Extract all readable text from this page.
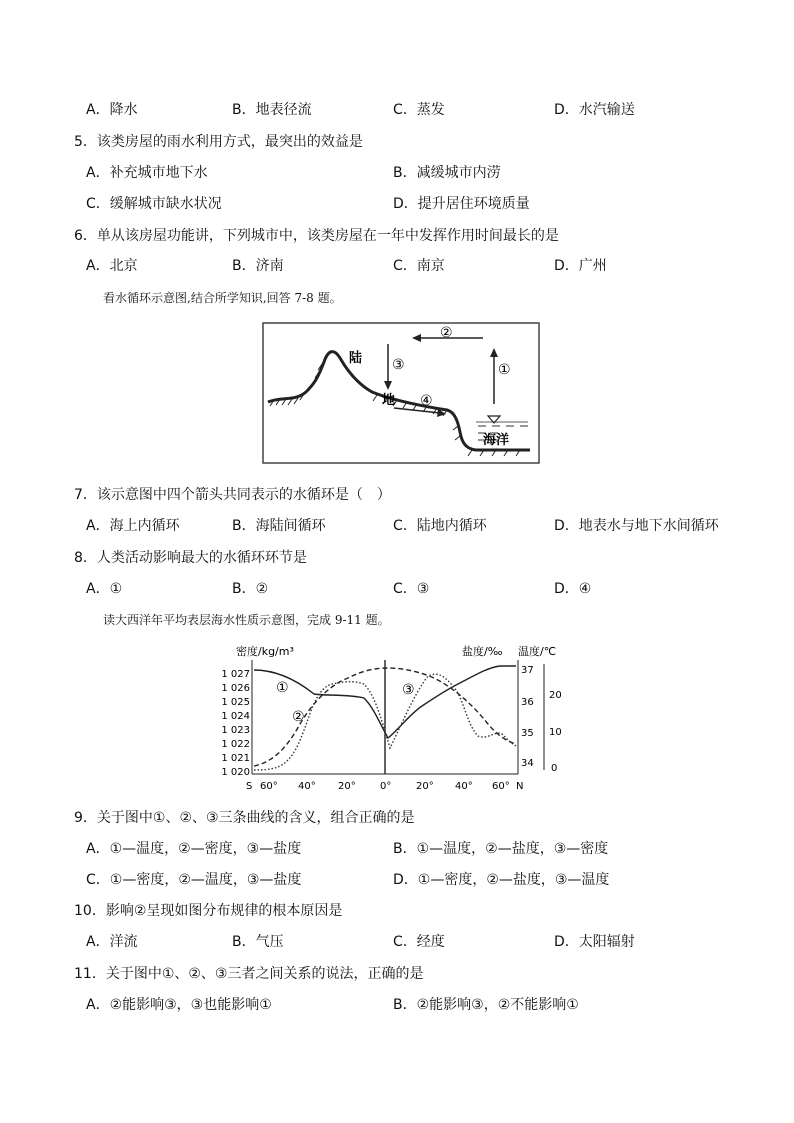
A．降水	B．地表径流	C．蒸发	D．水汽输送
5．该类房屋的雨水利用方式，最突出的效益是
A．补充城市地下水	B．减缓城市内涝
C．缓解城市缺水状况	D．提升居住环境质量
6．单从该房屋功能讲，下列城市中，该类房屋在一年中发挥作用时间最长的是
A．北京	B．济南	C．南京	D．广州
看水循环示意图,结合所学知识,回答 7-8 题。
陆
地
海洋
②
③	①
④
7．该示意图中四个箭头共同表示的水循环是（　）
A．海上内循环	B．海陆间循环	C．陆地内循环	D．地表水与地下水间循环
8．人类活动影响最大的水循环环节是
A．①	B．②	C．③	D．④
读大西洋年平均表层海水性质示意图，完成 9-11 题。
密度/kg/m³	盐度/‰ 温度/℃
1 027
1 026
1 025
1 024
1 023
1 022
1 021
1 020
37
36
35
34
20
10
0
S 60° 40° 20° 0° 20° 40° 60° N
①
②
③
9．关于图中①、②、③三条曲线的含义，组合正确的是
A．①—温度，②—密度，③—盐度	B．①—温度，②—盐度，③—密度
C．①—密度，②—温度，③—盐度	D．①—密度，②—盐度，③—温度
10．影响②呈现如图分布规律的根本原因是
A．洋流	B．气压	C．经度	D．太阳辐射
11．关于图中①、②、③三者之间关系的说法，正确的是
A．②能影响③，③也能影响①	B．②能影响③，②不能影响①
